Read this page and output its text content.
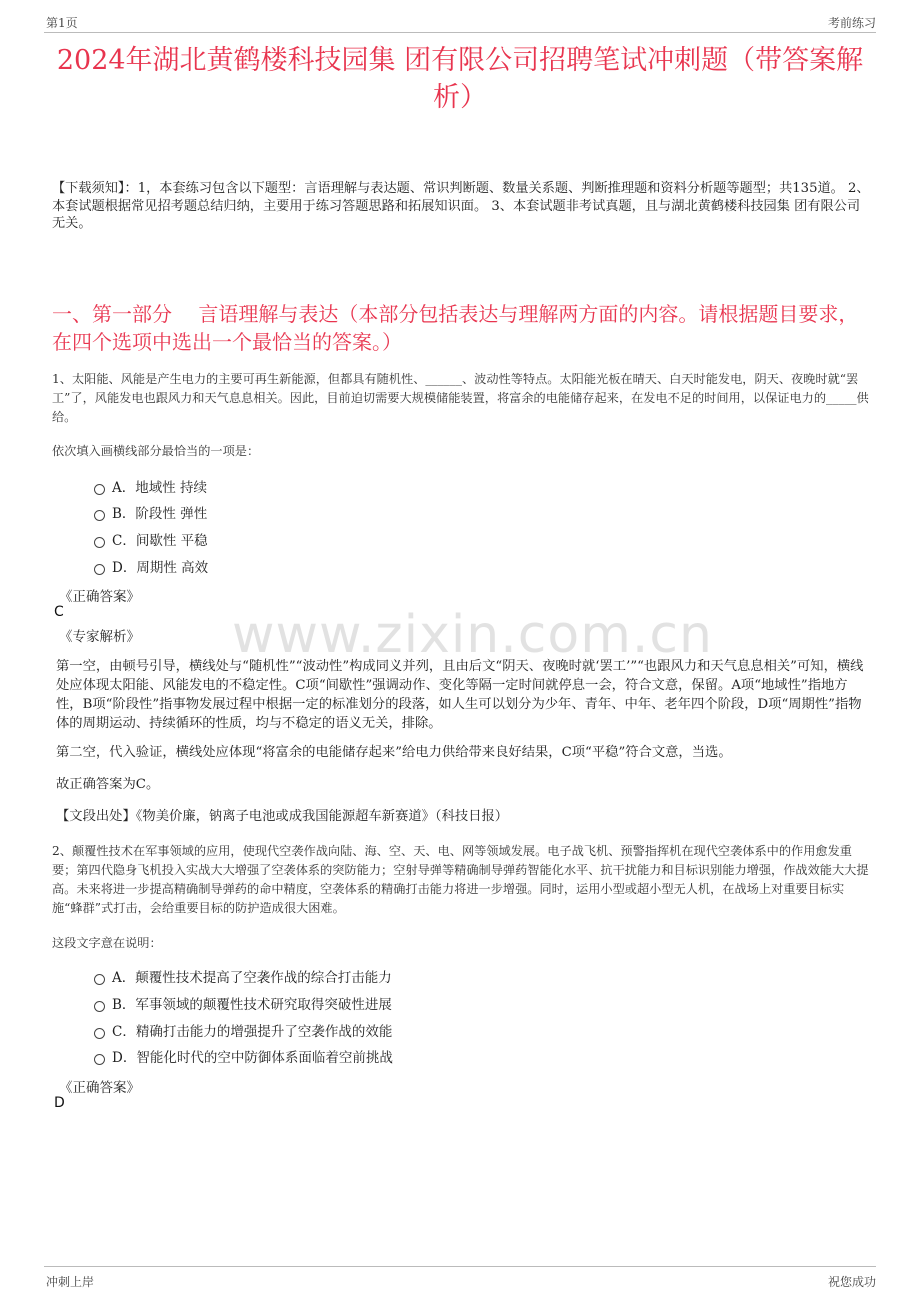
第1页	考前练习
2024年湖北黄鹤楼科技园集 团有限公司招聘笔试冲刺题（带答案解析）
【下载须知】：1，本套练习包含以下题型：言语理解与表达题、常识判断题、数量关系题、判断推理题和资料分析题等题型；共135道。 2、本套试题根据常见招考题总结归纳，主要用于练习答题思路和拓展知识面。 3、本套试题非考试真题，且与湖北黄鹤楼科技园集 团有限公司无关。
一、第一部分　 言语理解与表达（本部分包括表达与理解两方面的内容。请根据题目要求，在四个选项中选出一个最恰当的答案。）
www.zixin.com.cn
1、太阳能、风能是产生电力的主要可再生新能源，但都具有随机性、______、波动性等特点。太阳能光板在晴天、白天时能发电，阴天、夜晚时就“罢工”了，风能发电也跟风力和天气息息相关。因此，目前迫切需要大规模储能装置，将富余的电能储存起来，在发电不足的时间用，以保证电力的_____供给。
依次填入画横线部分最恰当的一项是：
A．地域性 持续
B．阶段性 弹性
C．间歇性 平稳
D．周期性 高效
《正确答案》
C
《专家解析》
第一空，由顿号引导，横线处与“随机性”“波动性”构成同义并列，且由后文“阴天、夜晚时就‘罢工’”“也跟风力和天气息息相关”可知，横线处应体现太阳能、风能发电的不稳定性。C项“间歇性”强调动作、变化等隔一定时间就停息一会，符合文意，保留。A项“地域性”指地方性，B项“阶段性”指事物发展过程中根据一定的标准划分的段落，如人生可以划分为少年、青年、中年、老年四个阶段，D项“周期性”指物体的周期运动、持续循环的性质，均与不稳定的语义无关，排除。
第二空，代入验证，横线处应体现“将富余的电能储存起来”给电力供给带来良好结果，C项“平稳”符合文意，当选。
故正确答案为C。
【文段出处】《物美价廉，钠离子电池或成我国能源超车新赛道》（科技日报）
2、颠覆性技术在军事领域的应用，使现代空袭作战向陆、海、空、天、电、网等领域发展。电子战飞机、预警指挥机在现代空袭体系中的作用愈发重要；第四代隐身飞机投入实战大大增强了空袭体系的突防能力；空射导弹等精确制导弹药智能化水平、抗干扰能力和目标识别能力增强，作战效能大大提高。未来将进一步提高精确制导弹药的命中精度，空袭体系的精确打击能力将进一步增强。同时，运用小型或超小型无人机，在战场上对重要目标实施“蜂群”式打击，会给重要目标的防护造成很大困难。
这段文字意在说明：
A．颠覆性技术提高了空袭作战的综合打击能力
B．军事领域的颠覆性技术研究取得突破性进展
C．精确打击能力的增强提升了空袭作战的效能
D．智能化时代的空中防御体系面临着空前挑战
《正确答案》
D
冲刺上岸	祝您成功
